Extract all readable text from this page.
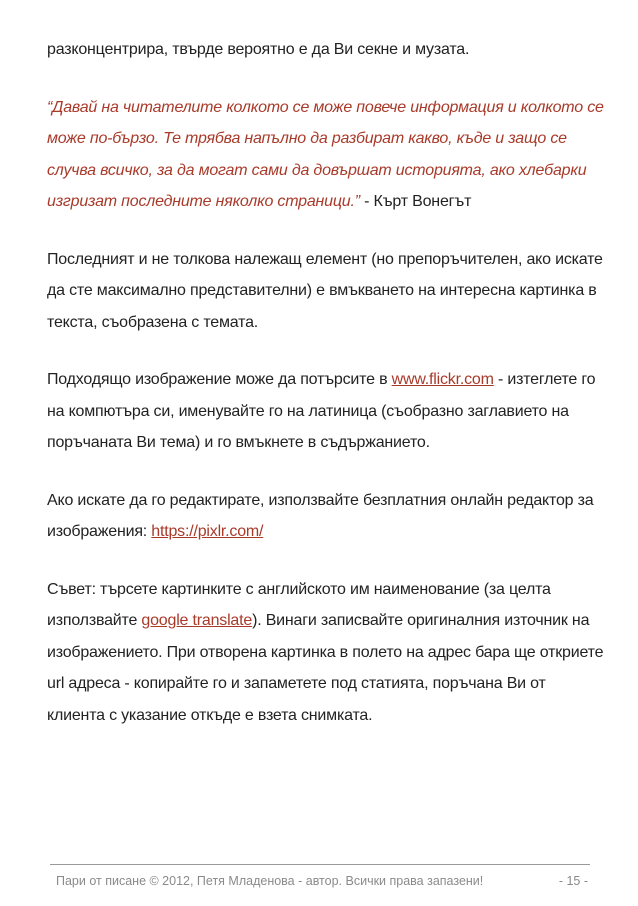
разконцентрира, твърде вероятно е да Ви секне и музата.

“Давай на читателите колкото се може повече информация и колкото се може по-бързо. Те трябва напълно да разбират какво, къде и защо се случва всичко, за да могат сами да довършат историята, ако хлебарки изгризат последните няколко страници.” - Кърт Вонегът

Последният и не толкова належащ елемент (но препоръчителен, ако искате да сте максимално представителни) е вмъкването на интересна картинка в текста, съобразена с темата.

Подходящо изображение може да потърсите в www.flickr.com - изтеглете го на компютъра си, именувайте го на латиница (съобразно заглавието на поръчаната Ви тема) и го вмъкнете в съдържанието.

Ако искате да го редактирате, използвайте безплатния онлайн редактор за изображения: https://pixlr.com/

Съвет: търсете картинките с английското им наименование (за целта използвайте google translate). Винаги записвайте оригиналния източник на изображението. При отворена картинка в полето на адрес бара ще откриете url адреса - копирайте го и запаметете под статията, поръчана Ви от клиента с указание откъде е взета снимката.

Пари от писане © 2012, Петя Младенова - автор. Всички права запазени!	- 15 -
